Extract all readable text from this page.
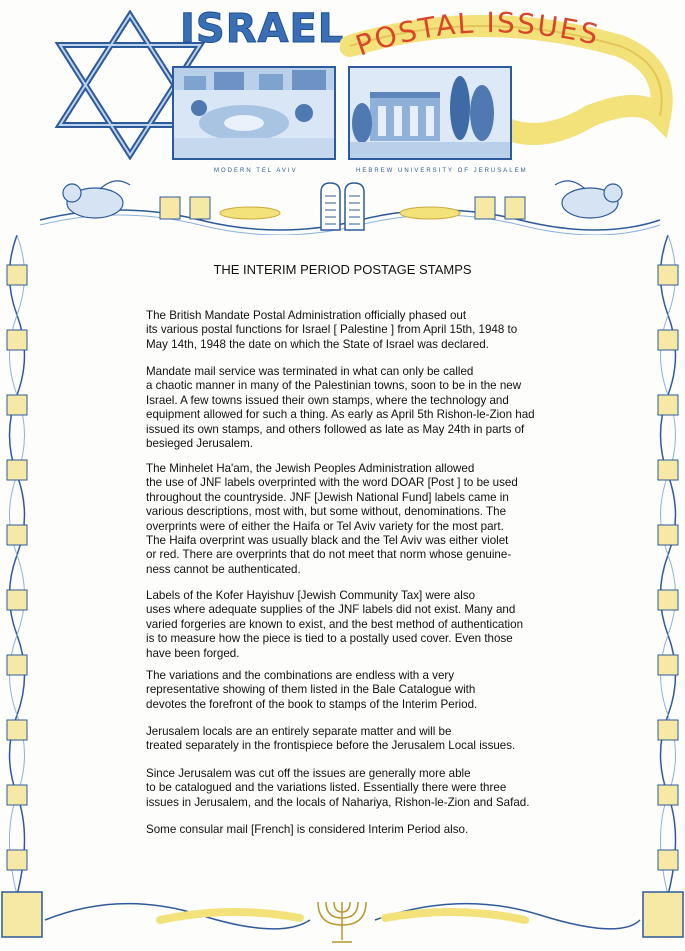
ISRAEL POSTAL ISSUES
MODERN TEL AVIV	HEBREW UNIVERSITY OF JERUSALEM
THE INTERIM PERIOD POSTAGE STAMPS
The British Mandate Postal Administration officially phased out
its various postal functions for Israel [ Palestine ] from April 15th, 1948 to
May 14th, 1948 the date on which the State of Israel was declared.
Mandate mail service was terminated in what can only be called
a chaotic manner in many of the Palestinian towns, soon to be in the new
Israel. A few towns issued their own stamps, where the technology and
equipment allowed for such a thing. As early as April 5th Rishon-le-Zion had
issued its own stamps, and others followed as late as May 24th in parts of
besieged Jerusalem.
The Minhelet Ha'am, the Jewish Peoples Administration allowed
the use of JNF labels overprinted with the word DOAR [Post ] to be used
throughout the countryside. JNF [Jewish National Fund] labels came in
various descriptions, most with, but some without, denominations. The
overprints were of either the Haifa or Tel Aviv variety for the most part.
The Haifa overprint was usually black and the Tel Aviv was either violet
or red. There are overprints that do not meet that norm whose genuine-
ness cannot be authenticated.
Labels of the Kofer Hayishuv [Jewish Community Tax] were also
uses where adequate supplies of the JNF labels did not exist. Many and
varied forgeries are known to exist, and the best method of authentication
is to measure how the piece is tied to a postally used cover. Even those
have been forged.
The variations and the combinations are endless with a very
representative showing of them listed in the Bale Catalogue with
devotes the forefront of the book to stamps of the Interim Period.
Jerusalem locals are an entirely separate matter and will be
treated separately in the frontispiece before the Jerusalem Local issues.
Since Jerusalem was cut off the issues are generally more able
to be catalogued and the variations listed. Essentially there were three
issues in Jerusalem, and the locals of Nahariya, Rishon-le-Zion and Safad.
Some consular mail [French] is considered Interim Period also.
